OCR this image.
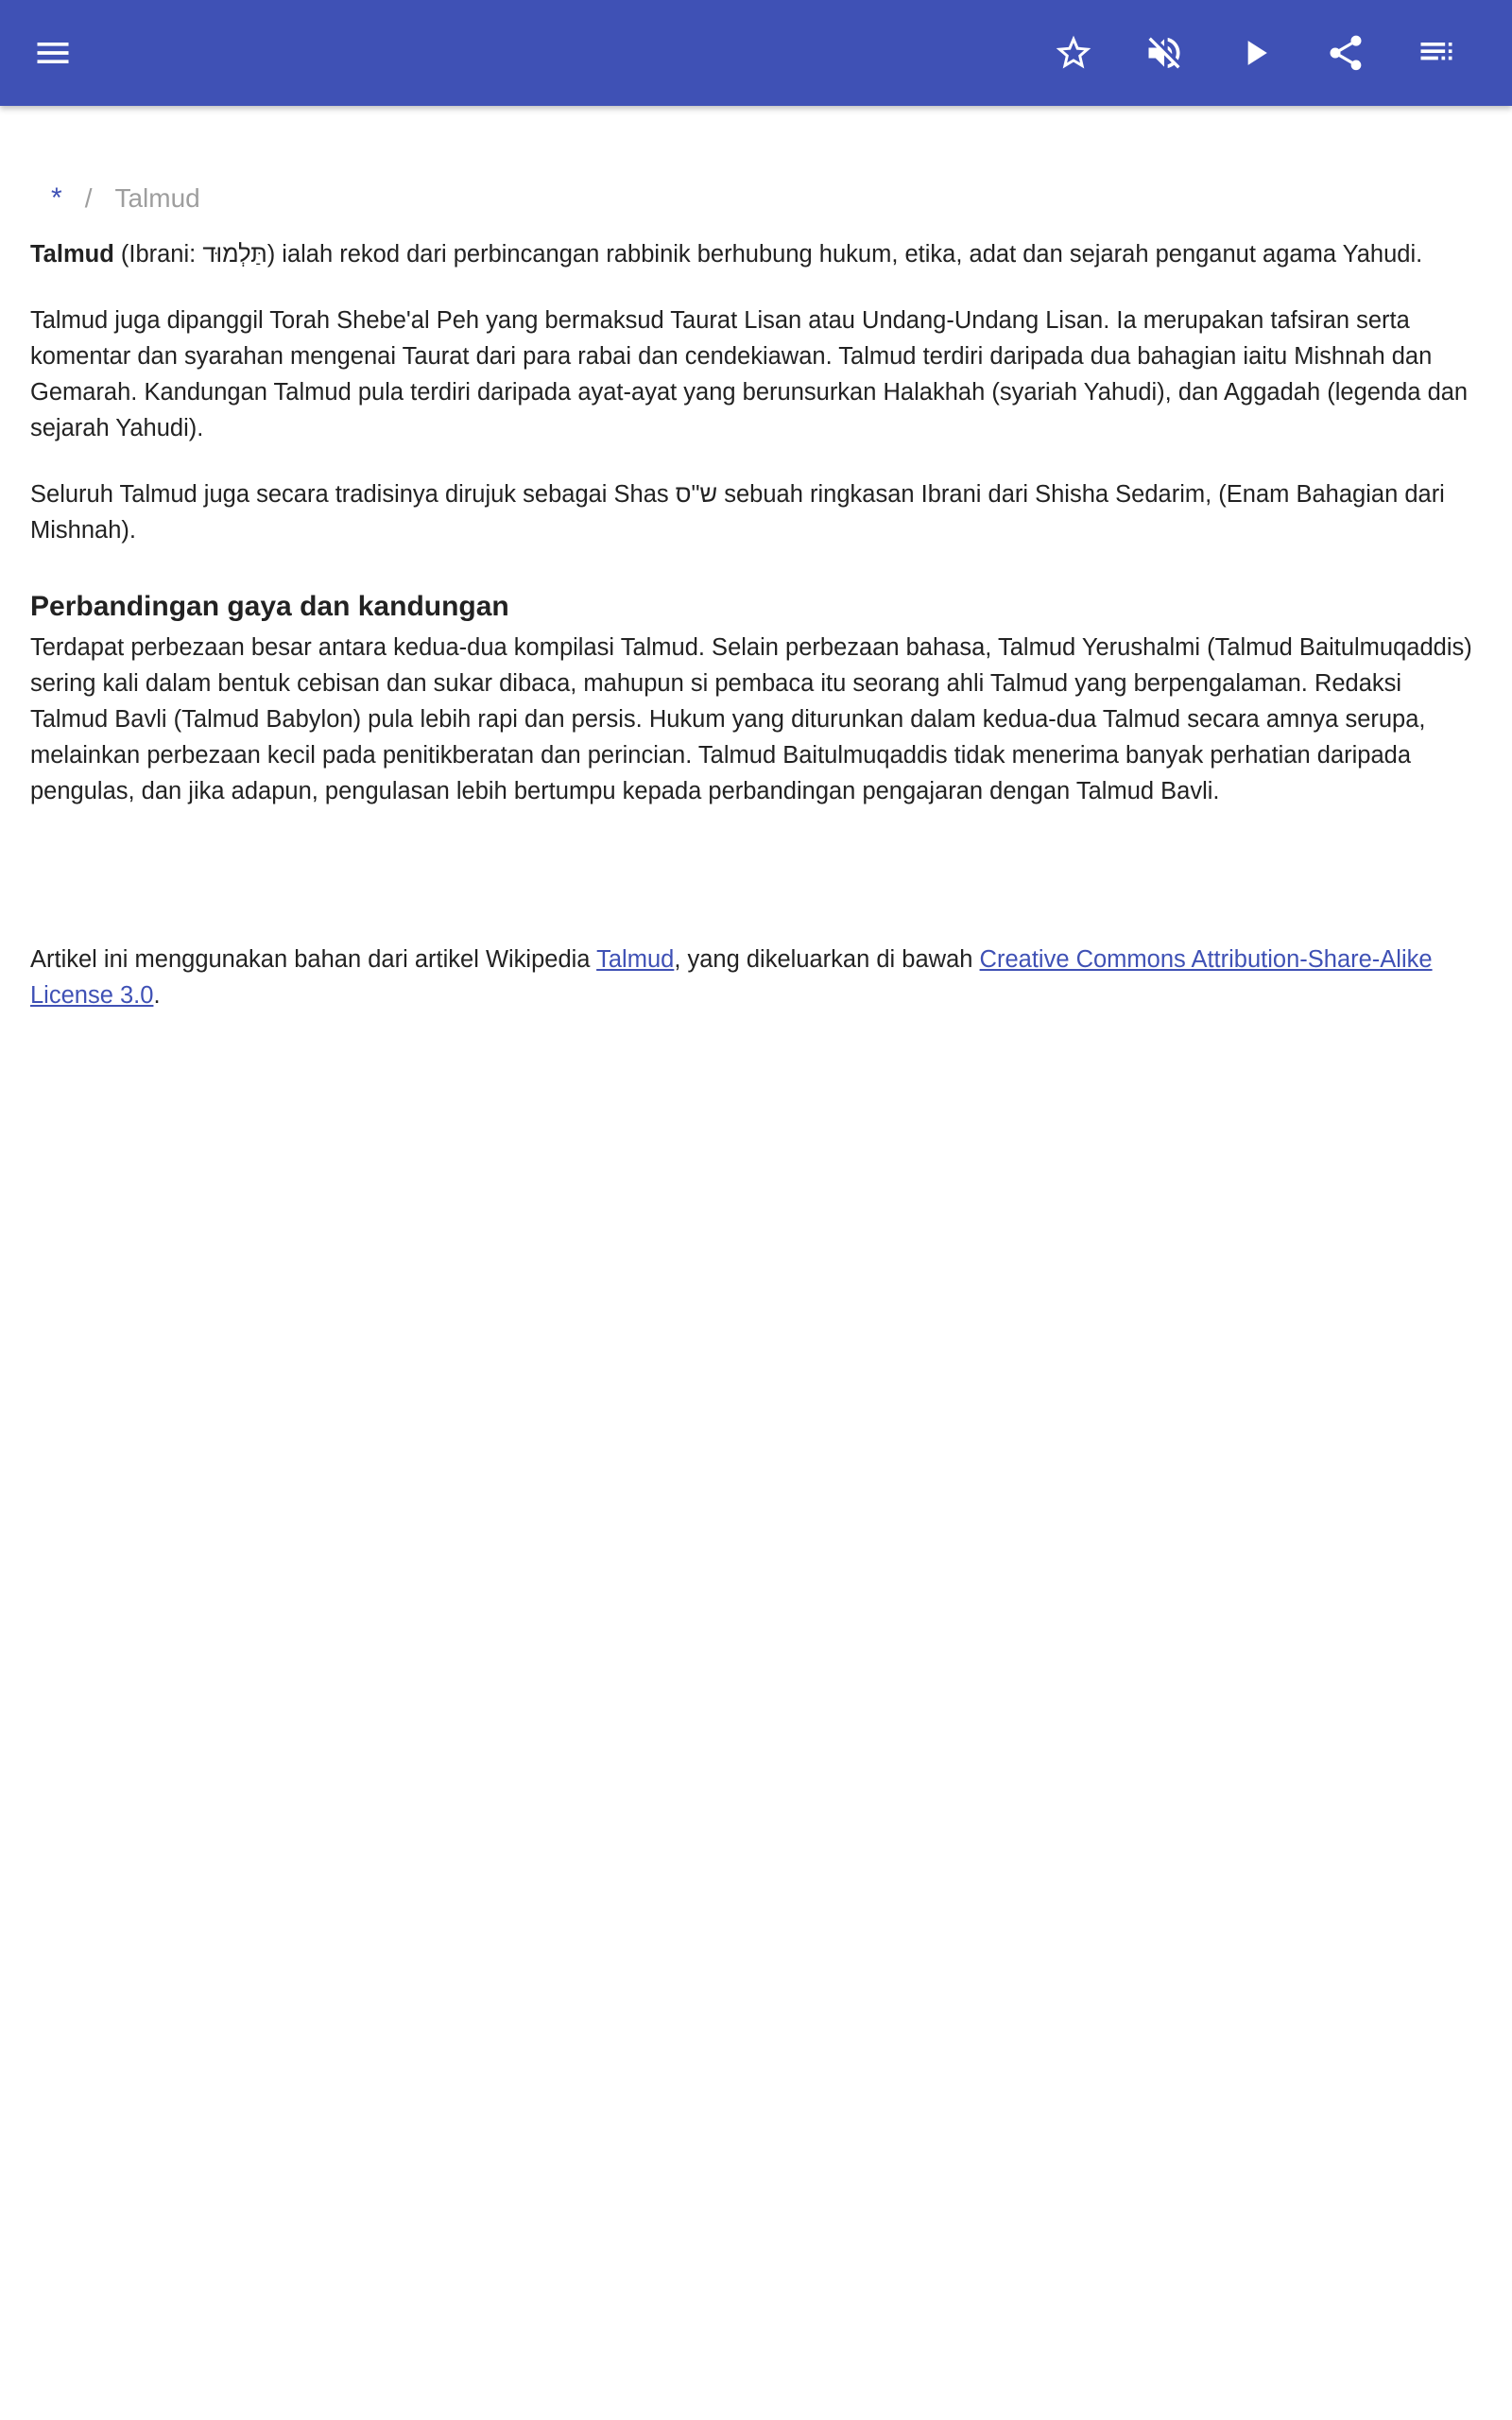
* / Talmud

Talmud (Ibrani: תַּלְמוּד) ialah rekod dari perbincangan rabbinik berhubung hukum, etika, adat dan sejarah penganut agama Yahudi.

Talmud juga dipanggil Torah Shebe'al Peh yang bermaksud Taurat Lisan atau Undang-Undang Lisan. Ia merupakan tafsiran serta komentar dan syarahan mengenai Taurat dari para rabai dan cendekiawan. Talmud terdiri daripada dua bahagian iaitu Mishnah dan Gemarah. Kandungan Talmud pula terdiri daripada ayat-ayat yang berunsurkan Halakhah (syariah Yahudi), dan Aggadah (legenda dan sejarah Yahudi).

Seluruh Talmud juga secara tradisinya dirujuk sebagai Shas ש"ס sebuah ringkasan Ibrani dari Shisha Sedarim, (Enam Bahagian dari Mishnah).

Perbandingan gaya dan kandungan

Terdapat perbezaan besar antara kedua-dua kompilasi Talmud. Selain perbezaan bahasa, Talmud Yerushalmi (Talmud Baitulmuqaddis) sering kali dalam bentuk cebisan dan sukar dibaca, mahupun si pembaca itu seorang ahli Talmud yang berpengalaman. Redaksi Talmud Bavli (Talmud Babylon) pula lebih rapi dan persis. Hukum yang diturunkan dalam kedua-dua Talmud secara amnya serupa, melainkan perbezaan kecil pada penitikberatan dan perincian. Talmud Baitulmuqaddis tidak menerima banyak perhatian daripada pengulas, dan jika adapun, pengulasan lebih bertumpu kepada perbandingan pengajaran dengan Talmud Bavli.

Artikel ini menggunakan bahan dari artikel Wikipedia Talmud, yang dikeluarkan di bawah Creative Commons Attribution-Share-Alike License 3.0.
